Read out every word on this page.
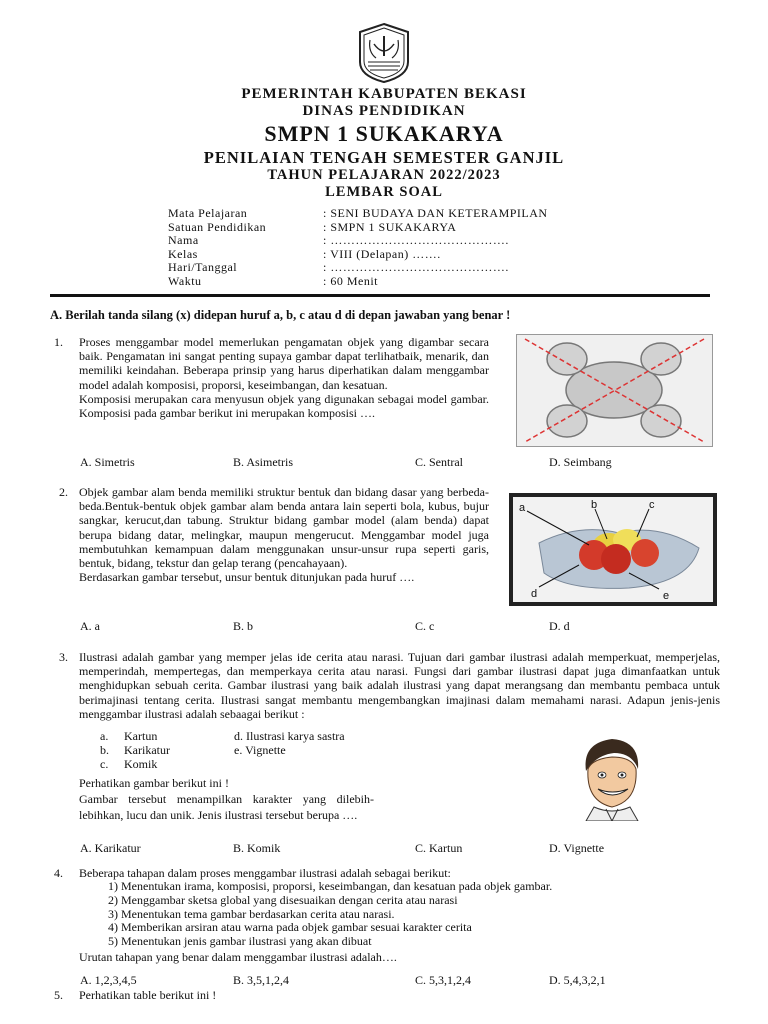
PEMERINTAH KABUPATEN BEKASI
DINAS PENDIDIKAN
SMPN 1 SUKAKARYA
PENILAIAN TENGAH SEMESTER GANJIL
TAHUN PELAJARAN 2022/2023
LEMBAR SOAL
Mata Pelajaran	: SENI BUDAYA DAN KETERAMPILAN
Satuan Pendidikan	: SMPN 1 SUKAKARYA
Nama	: …………………………………….
Kelas	: VIII (Delapan) …….
Hari/Tanggal	: …………………………………….
Waktu	: 60 Menit
A. Berilah tanda silang (x) didepan huruf a, b, c atau d di depan jawaban yang benar !
1. Proses menggambar model memerlukan pengamatan objek yang digambar secara baik. Pengamatan ini sangat penting supaya gambar dapat terlihatbaik, menarik, dan memiliki keindahan. Beberapa prinsip yang harus diperhatikan dalam menggambar model adalah komposisi, proporsi, keseimbangan, dan kesatuan.
Komposisi merupakan cara menyusun objek yang digunakan sebagai model gambar. Komposisi pada gambar berikut ini merupakan komposisi ….
A. Simetris	B. Asimetris	C. Sentral	D. Seimbang
2. Objek gambar alam benda memiliki struktur bentuk dan bidang dasar yang berbeda-beda.Bentuk-bentuk objek gambar alam benda antara lain seperti bola, kubus, bujur sangkar, kerucut,dan tabung. Struktur bidang gambar model (alam benda) dapat berupa bidang datar, melingkar, maupun mengerucut. Menggambar model juga membutuhkan kemampuan dalam menggunakan unsur-unsur rupa seperti garis, bentuk, bidang, tekstur dan gelap terang (pencahayaan).
Berdasarkan gambar tersebut, unsur bentuk ditunjukan pada huruf ….
a	b	c
d	e
A. a	B. b	C. c	D. d
3. Ilustrasi adalah gambar yang memper jelas ide cerita atau narasi. Tujuan dari gambar ilustrasi adalah memperkuat, memperjelas, memperindah, mempertegas, dan memperkaya cerita atau narasi. Fungsi dari gambar ilustrasi dapat juga dimanfaatkan untuk menghidupkan sebuah cerita. Gambar ilustrasi yang baik adalah ilustrasi yang dapat merangsang dan membantu pembaca untuk berimajinasi tentang cerita. Ilustrasi sangat membantu mengembangkan imajinasi dalam memahami narasi. Adapun jenis-jenis menggambar ilustrasi adalah sebaagai berikut :
a. Kartun
b. Karikatur
c. Komik
d. Ilustrasi karya sastra
e. Vignette
Perhatikan gambar berikut ini !
Gambar tersebut menampilkan karakter yang dilebih-lebihkan, lucu dan unik. Jenis ilustrasi tersebut berupa ….
A. Karikatur	B. Komik	C. Kartun	D. Vignette
4. Beberapa tahapan dalam proses menggambar ilustrasi adalah sebagai berikut:
1) Menentukan irama, komposisi, proporsi, keseimbangan, dan kesatuan pada objek gambar.
2) Menggambar sketsa global yang disesuaikan dengan cerita atau narasi
3) Menentukan tema gambar berdasarkan cerita atau narasi.
4) Memberikan arsiran atau warna pada objek gambar sesuai karakter cerita
5) Menentukan jenis gambar ilustrasi yang akan dibuat
Urutan tahapan yang benar dalam menggambar ilustrasi adalah….
A. 1,2,3,4,5	B. 3,5,1,2,4	C. 5,3,1,2,4	D. 5,4,3,2,1
5. Perhatikan table berikut ini !
